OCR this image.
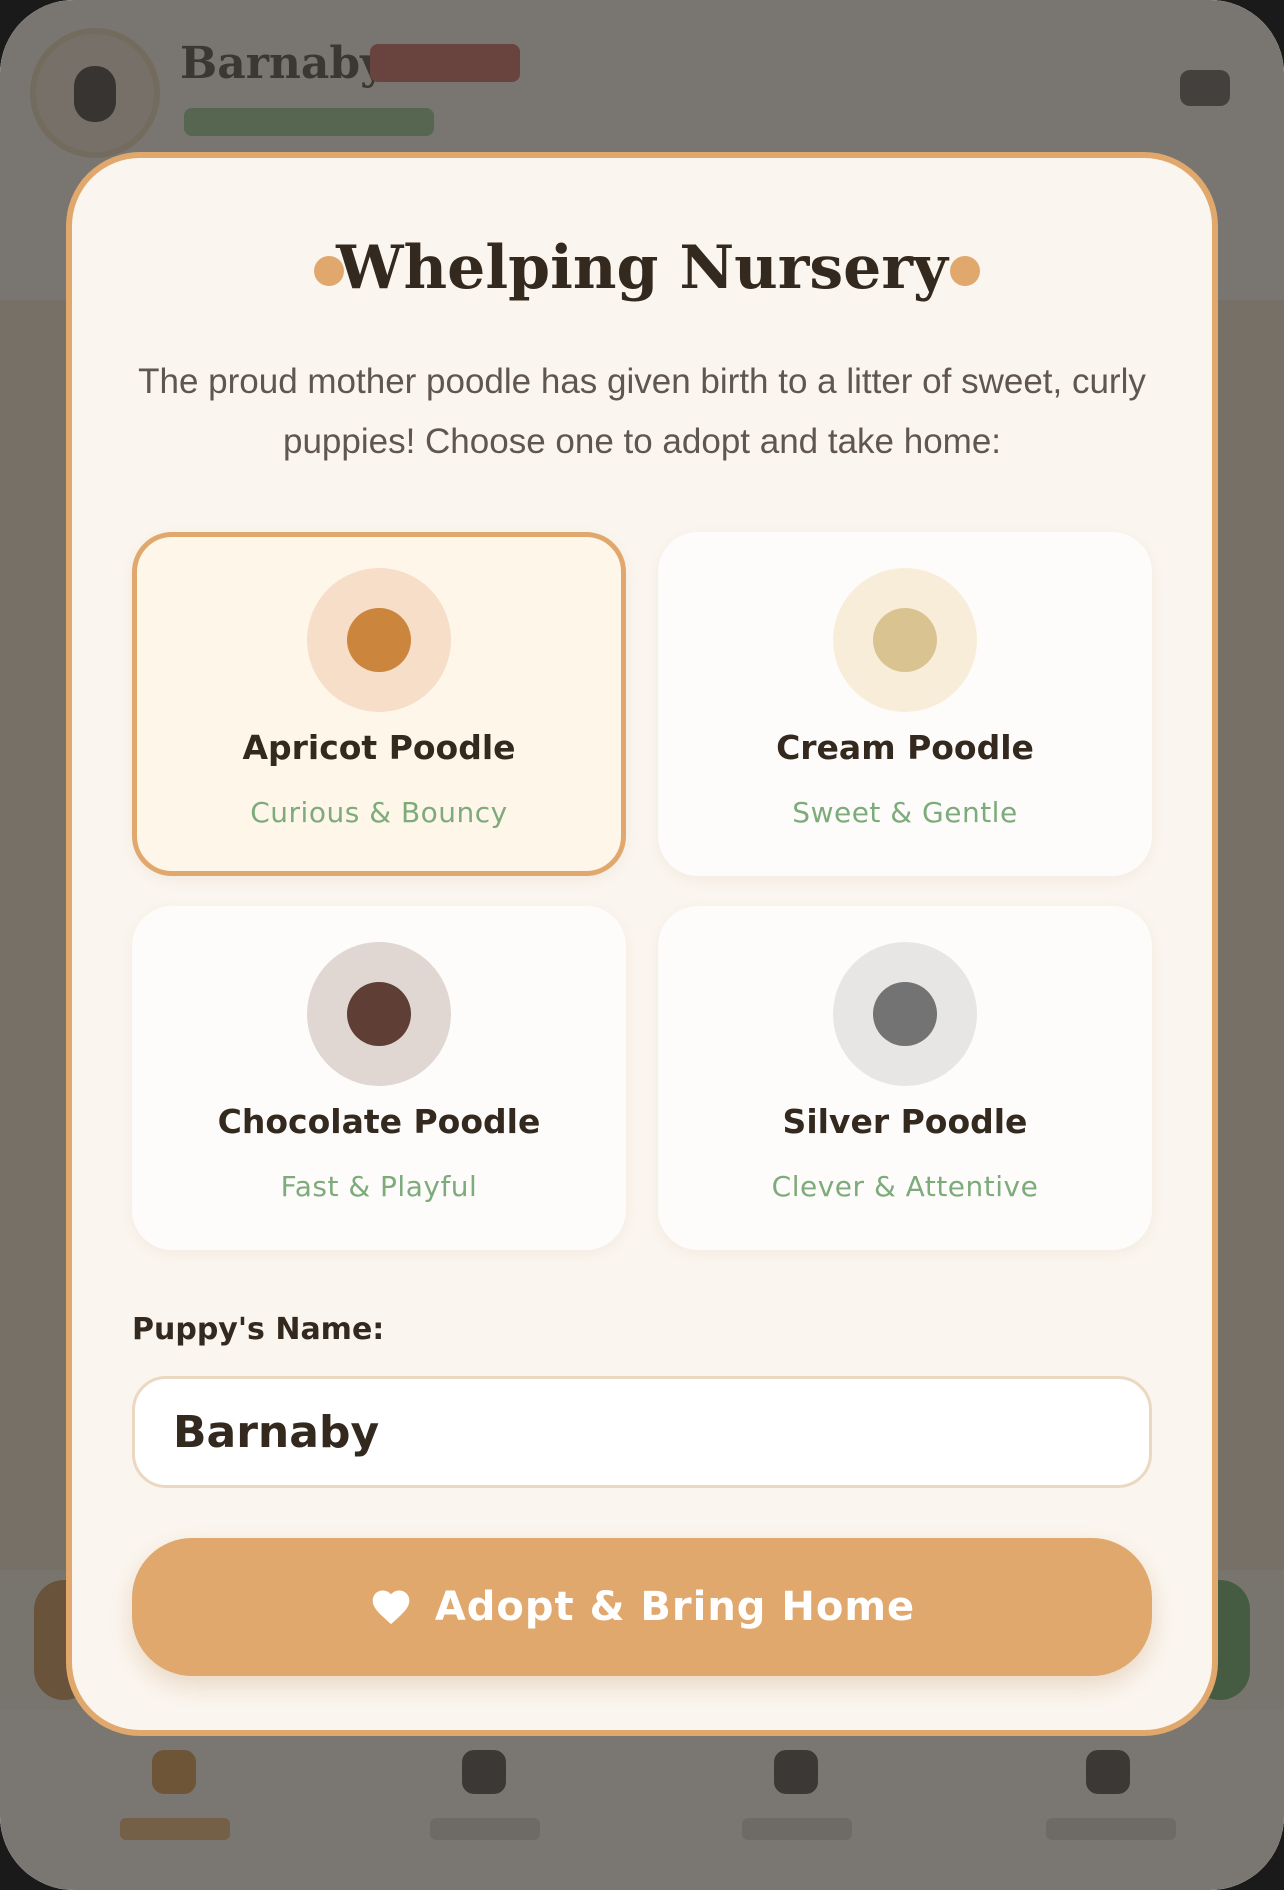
Whelping Nursery
The proud mother poodle has given birth to a litter of sweet, curly puppies! Choose one to adopt and take home:
Apricot Poodle
Curious & Bouncy
Cream Poodle
Sweet & Gentle
Chocolate Poodle
Fast & Playful
Silver Poodle
Clever & Attentive
Puppy's Name:
Barnaby
Adopt & Bring Home
